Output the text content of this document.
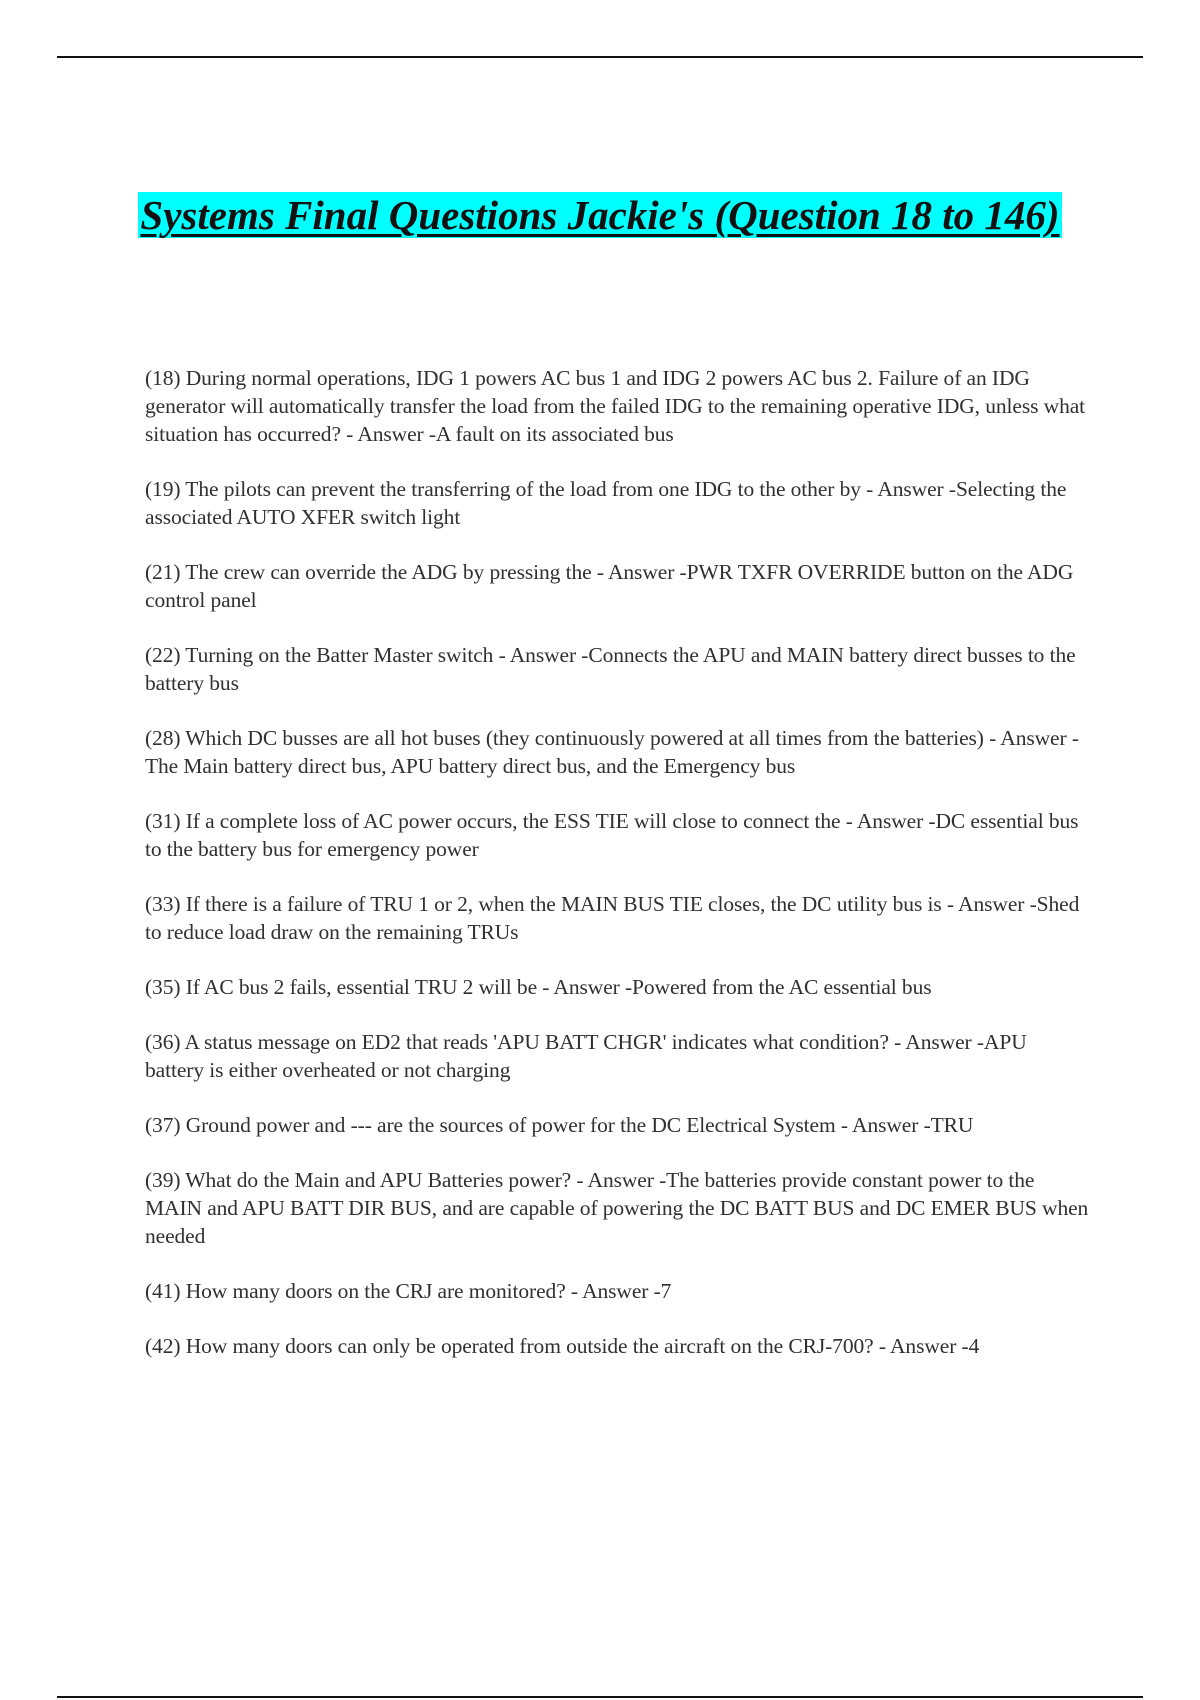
Systems Final Questions Jackie's (Question 18 to 146)
(18) During normal operations, IDG 1 powers AC bus 1 and IDG 2 powers AC bus 2. Failure of an IDG generator will automatically transfer the load from the failed IDG to the remaining operative IDG, unless what situation has occurred? - Answer -A fault on its associated bus
(19) The pilots can prevent the transferring of the load from one IDG to the other by - Answer -Selecting the associated AUTO XFER switch light
(21) The crew can override the ADG by pressing the - Answer -PWR TXFR OVERRIDE button on the ADG control panel
(22) Turning on the Batter Master switch - Answer -Connects the APU and MAIN battery direct busses to the battery bus
(28) Which DC busses are all hot buses (they continuously powered at all times from the batteries) - Answer -The Main battery direct bus, APU battery direct bus, and the Emergency bus
(31) If a complete loss of AC power occurs, the ESS TIE will close to connect the - Answer -DC essential bus to the battery bus for emergency power
(33) If there is a failure of TRU 1 or 2, when the MAIN BUS TIE closes, the DC utility bus is - Answer -Shed to reduce load draw on the remaining TRUs
(35) If AC bus 2 fails, essential TRU 2 will be - Answer -Powered from the AC essential bus
(36) A status message on ED2 that reads 'APU BATT CHGR' indicates what condition? - Answer -APU battery is either overheated or not charging
(37) Ground power and --- are the sources of power for the DC Electrical System - Answer -TRU
(39) What do the Main and APU Batteries power? - Answer -The batteries provide constant power to the MAIN and APU BATT DIR BUS, and are capable of powering the DC BATT BUS and DC EMER BUS when needed
(41) How many doors on the CRJ are monitored? - Answer -7
(42) How many doors can only be operated from outside the aircraft on the CRJ-700? - Answer -4
